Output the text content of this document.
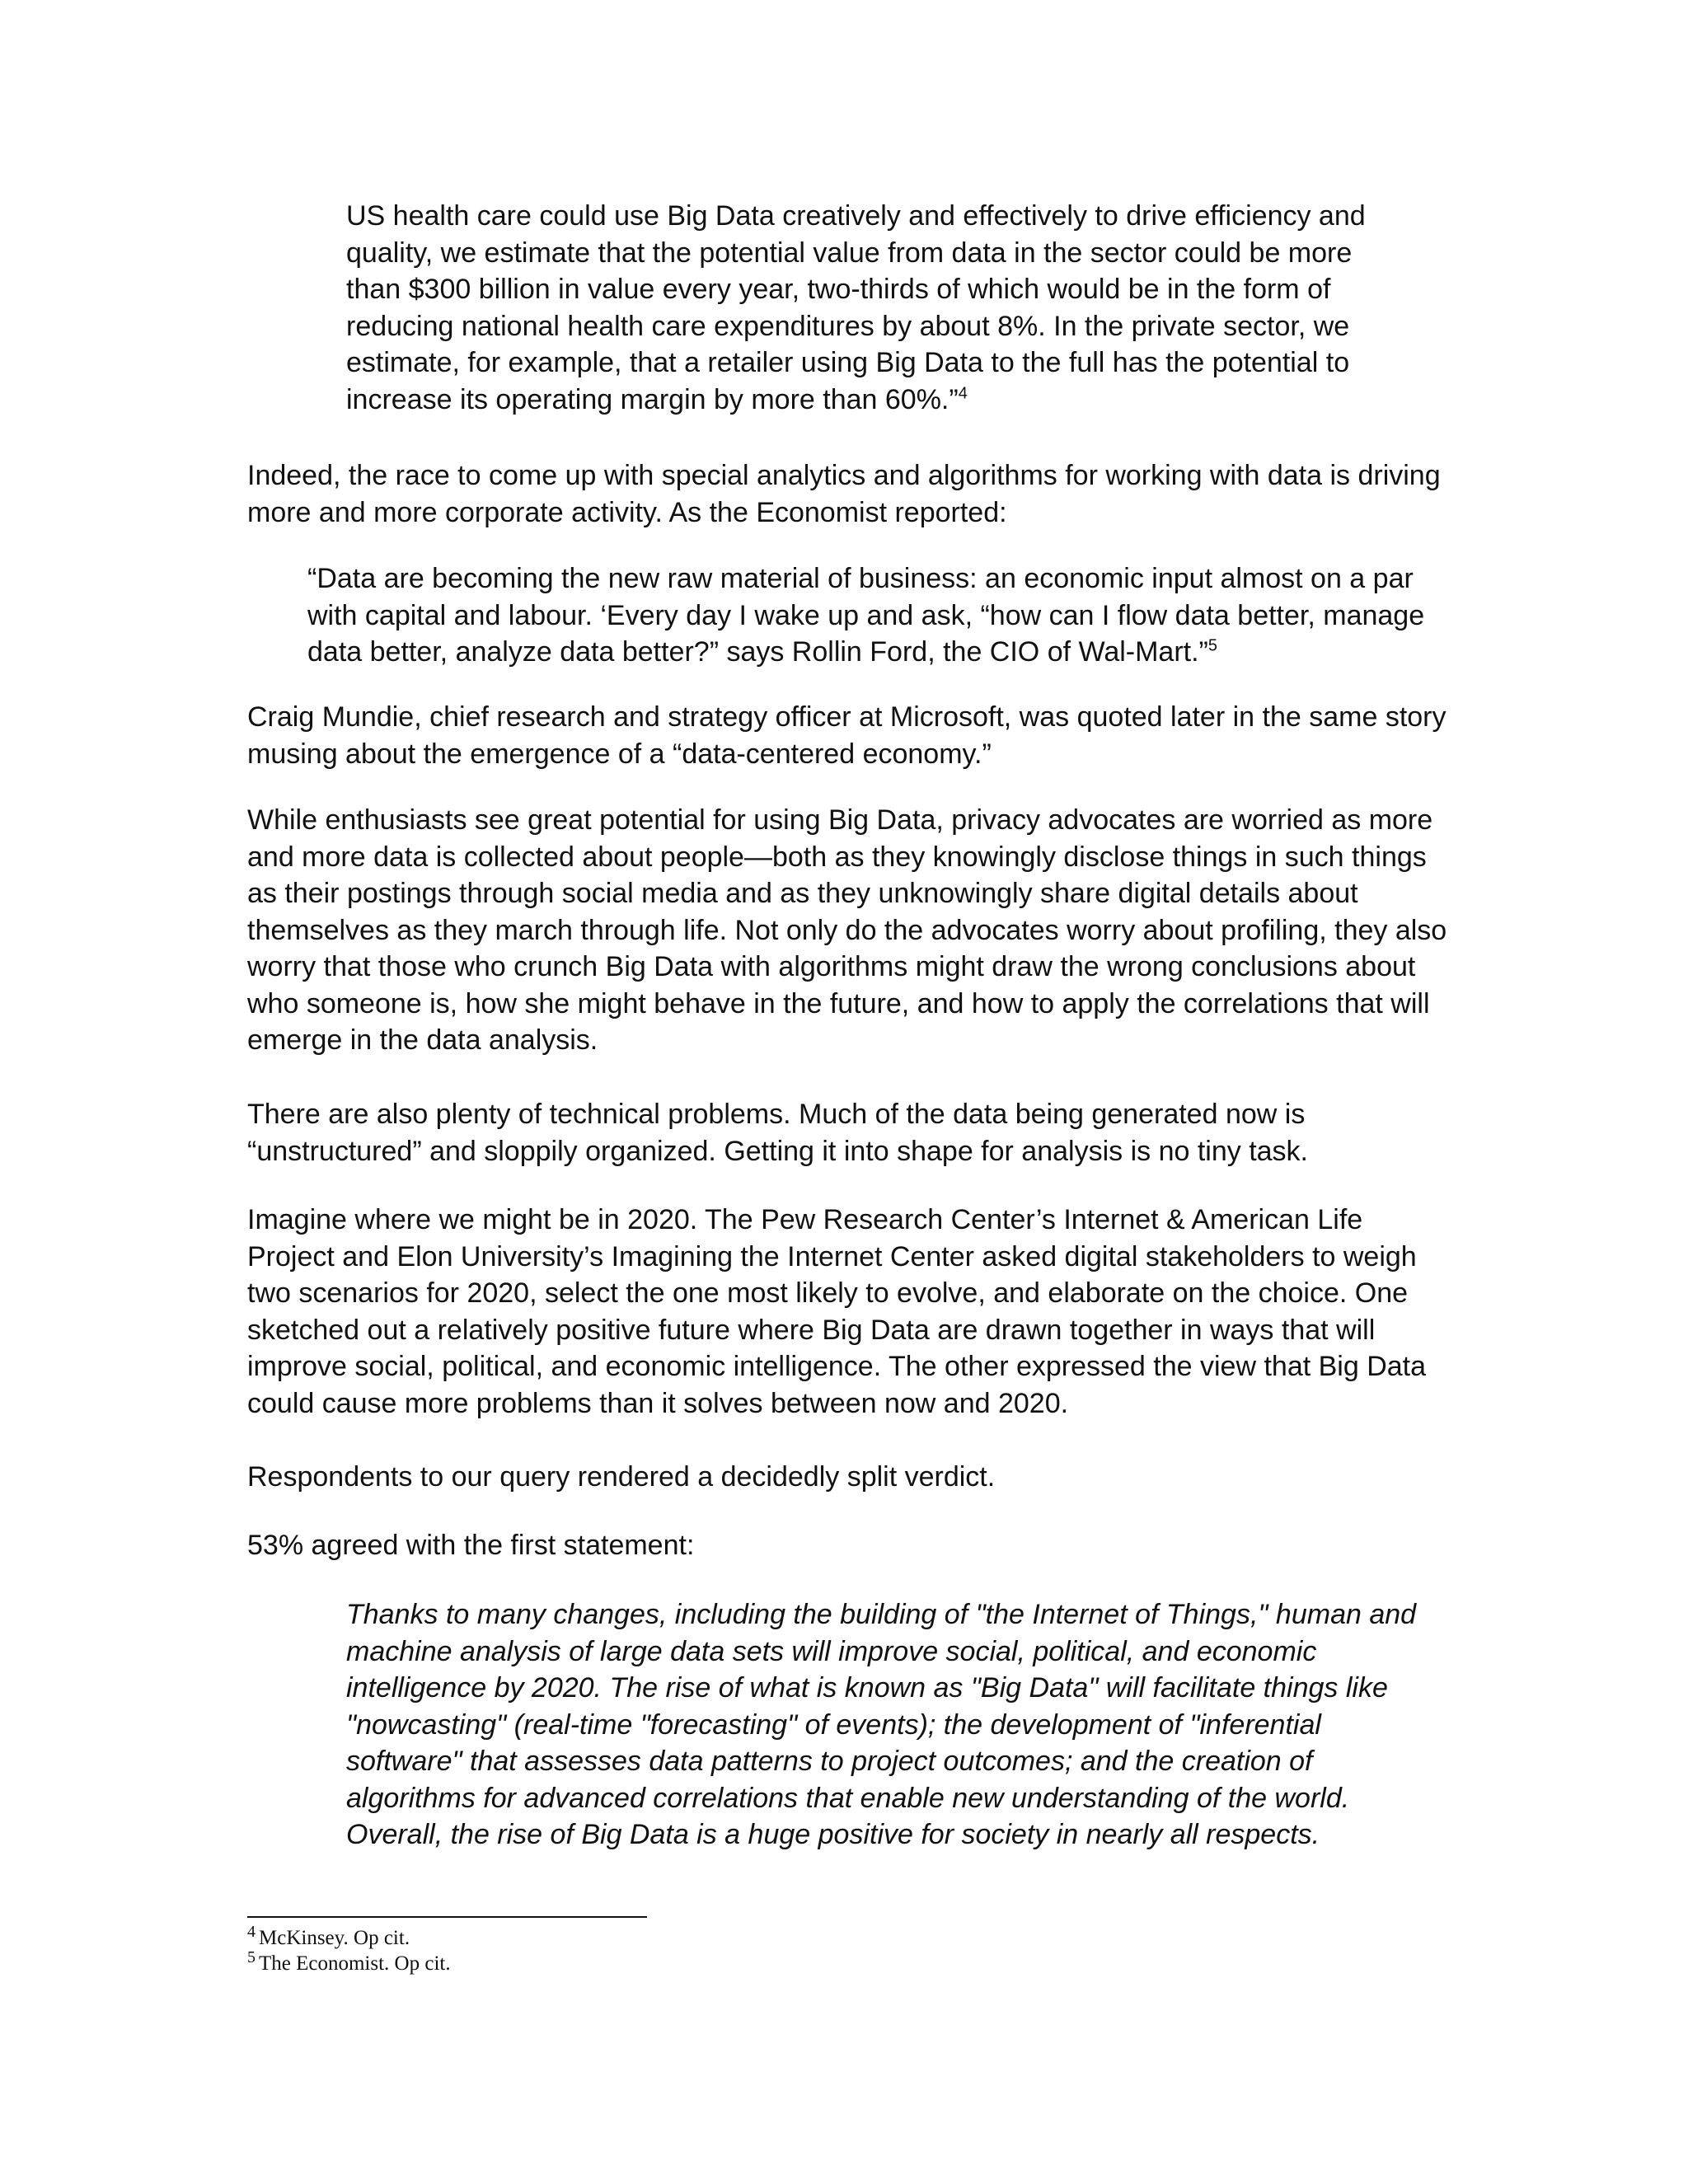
US health care could use Big Data creatively and effectively to drive efficiency and quality, we estimate that the potential value from data in the sector could be more than $300 billion in value every year, two-thirds of which would be in the form of reducing national health care expenditures by about 8%. In the private sector, we estimate, for example, that a retailer using Big Data to the full has the potential to increase its operating margin by more than 60%.”$^4$

Indeed, the race to come up with special analytics and algorithms for working with data is driving more and more corporate activity. As the Economist reported:

“Data are becoming the new raw material of business: an economic input almost on a par with capital and labour. ‘Every day I wake up and ask, “how can I flow data better, manage data better, analyze data better?” says Rollin Ford, the CIO of Wal-Mart.”$^5$

Craig Mundie, chief research and strategy officer at Microsoft, was quoted later in the same story musing about the emergence of a “data-centered economy.”

While enthusiasts see great potential for using Big Data, privacy advocates are worried as more and more data is collected about people—both as they knowingly disclose things in such things as their postings through social media and as they unknowingly share digital details about themselves as they march through life. Not only do the advocates worry about profiling, they also worry that those who crunch Big Data with algorithms might draw the wrong conclusions about who someone is, how she might behave in the future, and how to apply the correlations that will emerge in the data analysis.

There are also plenty of technical problems. Much of the data being generated now is “unstructured” and sloppily organized. Getting it into shape for analysis is no tiny task.

Imagine where we might be in 2020. The Pew Research Center’s Internet & American Life Project and Elon University’s Imagining the Internet Center asked digital stakeholders to weigh two scenarios for 2020, select the one most likely to evolve, and elaborate on the choice. One sketched out a relatively positive future where Big Data are drawn together in ways that will improve social, political, and economic intelligence. The other expressed the view that Big Data could cause more problems than it solves between now and 2020.

Respondents to our query rendered a decidedly split verdict.

53% agreed with the first statement:

Thanks to many changes, including the building of "the Internet of Things," human and machine analysis of large data sets will improve social, political, and economic intelligence by 2020. The rise of what is known as "Big Data" will facilitate things like "nowcasting" (real-time "forecasting" of events); the development of "inferential software" that assesses data patterns to project outcomes; and the creation of algorithms for advanced correlations that enable new understanding of the world. Overall, the rise of Big Data is a huge positive for society in nearly all respects.

$^4$ McKinsey. Op cit.
$^5$ The Economist. Op cit.
